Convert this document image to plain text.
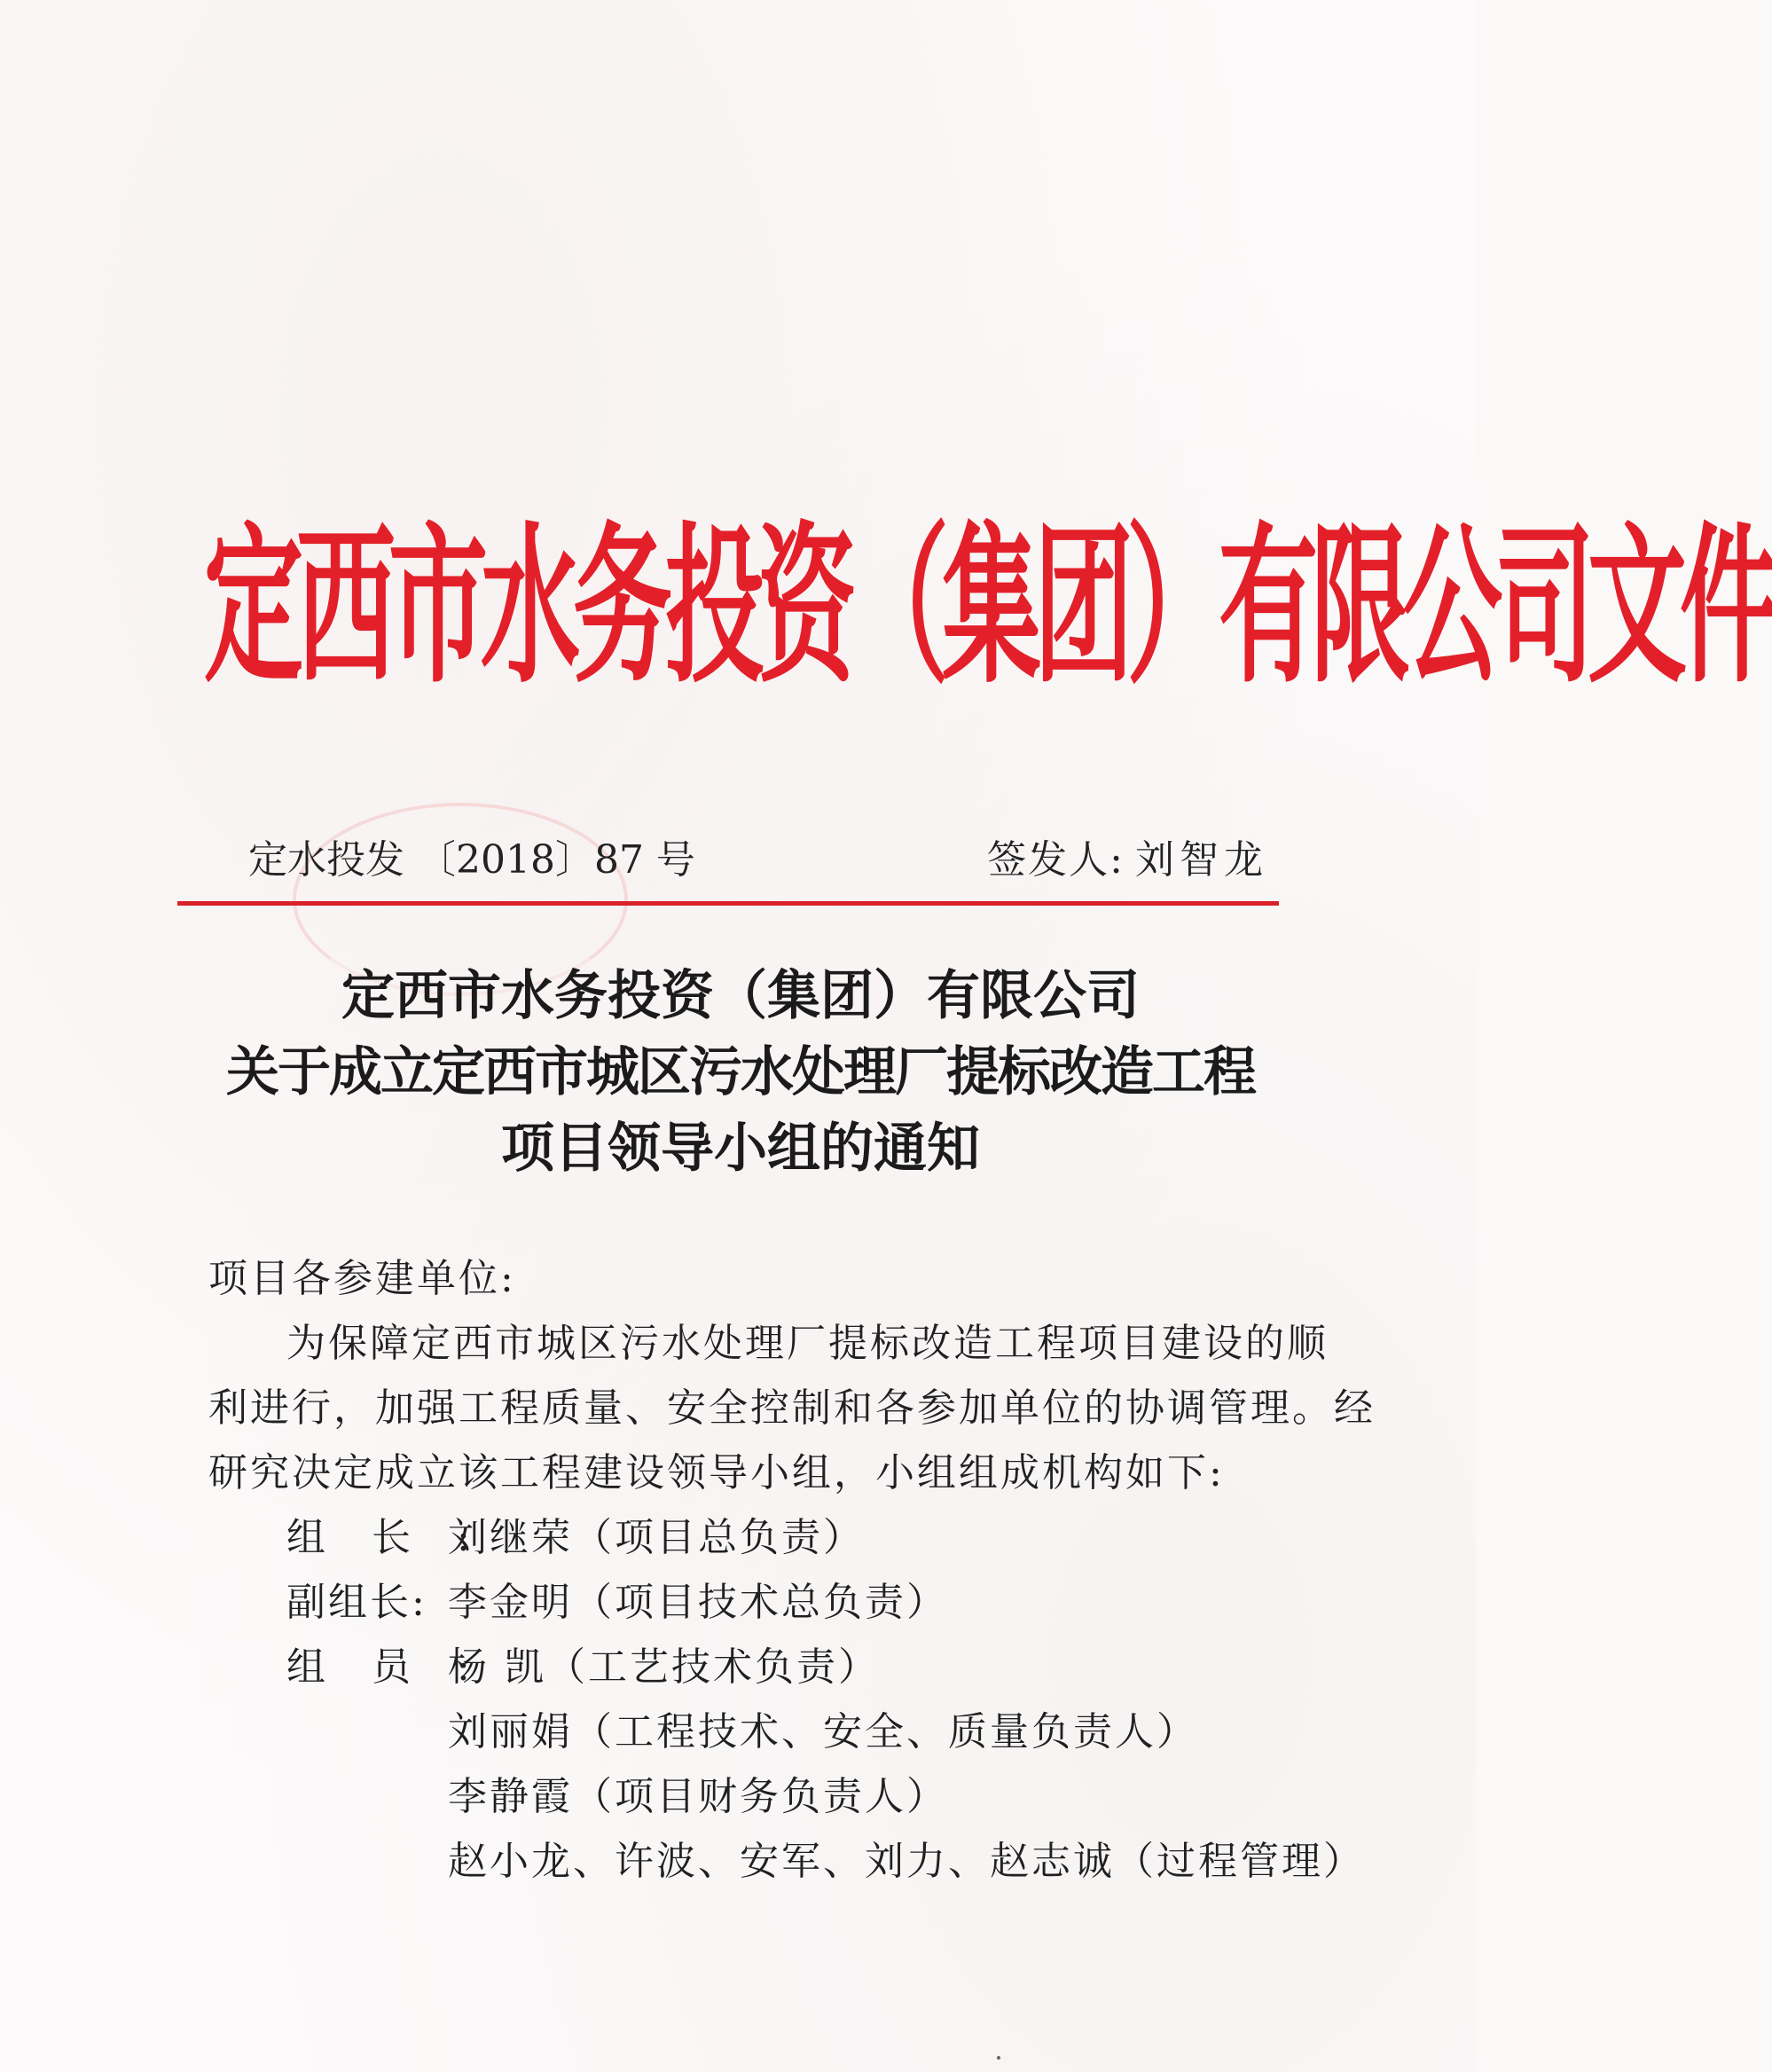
定西市水务投资（集团）有限公司文件
定水投发 〔2018〕87 号	签发人: 刘智龙
定西市水务投资（集团）有限公司
关于成立定西市城区污水处理厂提标改造工程
项目领导小组的通知
项目各参建单位:
为保障定西市城区污水处理厂提标改造工程项目建设的顺
利进行，加强工程质量、安全控制和各参加单位的协调管理。经
研究决定成立该工程建设领导小组，小组组成机构如下:
组长:
刘继荣（项目总负责）
副组长: 李金明（项目技术总负责）
组员:
杨 凯（工艺技术负责）
刘丽娟（工程技术、安全、质量负责人）
李静霞（项目财务负责人）
赵小龙、许波、安军、刘力、赵志诚（过程管理）
